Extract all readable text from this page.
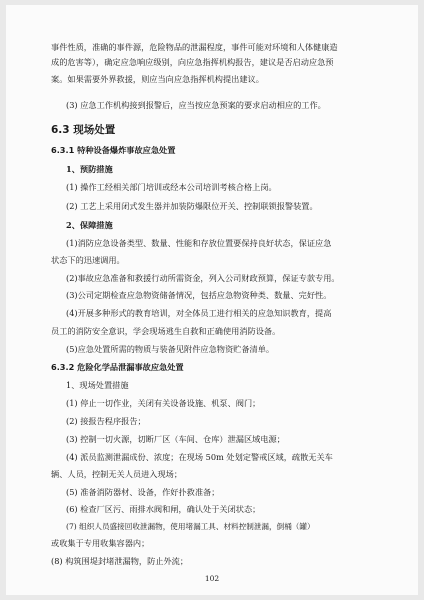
事件性质，准确的事件源，危险物品的泄漏程度，事件可能对环境和人体健康造
成的危害等），确定应急响应级别，向应急指挥机构报告，建议是否启动应急预
案。如果需要外界救援，则应当向应急指挥机构提出建议。
(3) 应急工作机构接到报警后，应当按应急预案的要求启动相应的工作。
6.3 现场处置
6.3.1 特种设备爆炸事故应急处置
1、预防措施
(1) 操作工经相关部门培训或经本公司培训考核合格上岗。
(2) 工艺上采用闭式发生器并加装防爆限位开关、控制联锁报警装置。
2、保障措施
(1)消防应急设备类型、数量、性能和存放位置要保持良好状态，保证应急
状态下的迅速调用。
(2)事故应急准备和救援行动所需资金，列入公司财政预算，保证专款专用。
(3)公司定期检查应急物资储备情况，包括应急物资种类、数量、完好性。
(4)开展多种形式的教育培训，对全体员工进行相关的应急知识教育，提高
员工的消防安全意识，学会现场逃生自救和正确使用消防设备。
(5)应急处置所需的物质与装备见附件应急物资贮备清单。
6.3.2 危险化学品泄漏事故应急处置
1、现场处置措施
(1) 停止一切作业，关闭有关设备设施、机泵、阀门；
(2) 接报告程序报告；
(3) 控制一切火源，切断厂区（车间、仓库）泄漏区域电源；
(4) 派员监测泄漏成份、浓度；在现场 50m 处划定警戒区域，疏散无关车
辆、人员，控制无关人员进入现场；
(5) 准备消防器材、设备，作好扑救准备；
(6) 检查厂区污、雨排水阀和闸，确认处于关闭状态；
(7) 组织人员盛接回收泄漏物，使用堵漏工具、材料控制泄漏，倒桶（罐）
或收集于专用收集容器内；
(8) 构筑围堤封堵泄漏物，防止外流；
102
